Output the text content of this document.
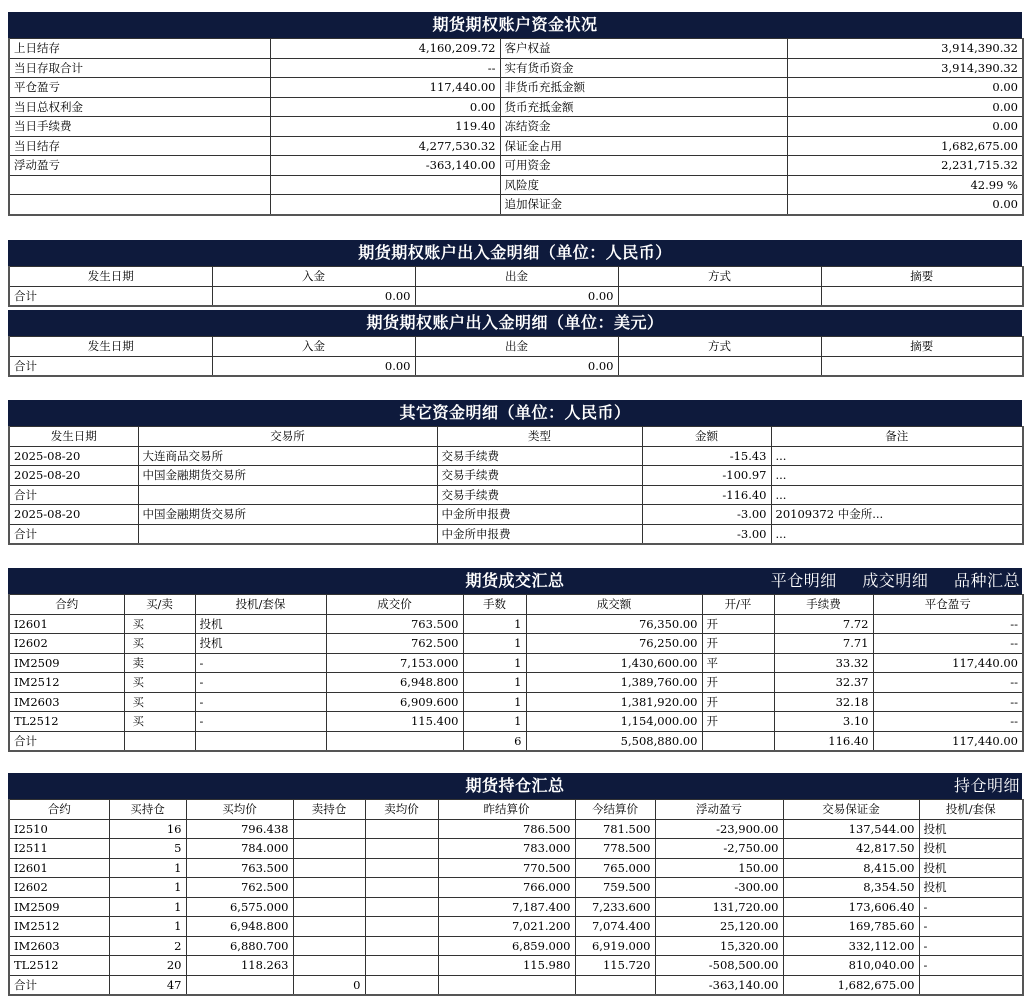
期货期权账户资金状况
上日结存	4,160,209.72	客户权益	3,914,390.32
当日存取合计	--	实有货币资金	3,914,390.32
平仓盈亏	117,440.00	非货币充抵金额	0.00
当日总权利金	0.00	货币充抵金额	0.00
当日手续费	119.40	冻结资金	0.00
当日结存	4,277,530.32	保证金占用	1,682,675.00
浮动盈亏	-363,140.00	可用资金	2,231,715.32
		风险度	42.99 %
		追加保证金	0.00
期货期权账户出入金明细（单位：人民币）
发生日期	入金	出金	方式	摘要
合计	0.00	0.00		
期货期权账户出入金明细（单位：美元）
发生日期	入金	出金	方式	摘要
合计	0.00	0.00		
其它资金明细（单位：人民币）
发生日期	交易所	类型	金额	备注
2025-08-20	大连商品交易所	交易手续费	-15.43	...
2025-08-20	中国金融期货交易所	交易手续费	-100.97	...
合计		交易手续费	-116.40	...
2025-08-20	中国金融期货交易所	中金所申报费	-3.00	20109372 中金所...
合计		中金所申报费	-3.00	...
期货成交汇总	平仓明细 成交明细 品种汇总
合约	买/卖	投机/套保	成交价	手数	成交额	开/平	手续费	平仓盈亏
I2601	买	投机	763.500	1	76,350.00	开	7.72	--
I2602	买	投机	762.500	1	76,250.00	开	7.71	--
IM2509	卖	-	7,153.000	1	1,430,600.00	平	33.32	117,440.00
IM2512	买	-	6,948.800	1	1,389,760.00	开	32.37	--
IM2603	买	-	6,909.600	1	1,381,920.00	开	32.18	--
TL2512	买	-	115.400	1	1,154,000.00	开	3.10	--
合计				6	5,508,880.00		116.40	117,440.00
期货持仓汇总	持仓明细
合约	买持仓	买均价	卖持仓	卖均价	昨结算价	今结算价	浮动盈亏	交易保证金	投机/套保
I2510	16	796.438			786.500	781.500	-23,900.00	137,544.00	投机
I2511	5	784.000			783.000	778.500	-2,750.00	42,817.50	投机
I2601	1	763.500			770.500	765.000	150.00	8,415.00	投机
I2602	1	762.500			766.000	759.500	-300.00	8,354.50	投机
IM2509	1	6,575.000			7,187.400	7,233.600	131,720.00	173,606.40	-
IM2512	1	6,948.800			7,021.200	7,074.400	25,120.00	169,785.60	-
IM2603	2	6,880.700			6,859.000	6,919.000	15,320.00	332,112.00	-
TL2512	20	118.263			115.980	115.720	-508,500.00	810,040.00	-
合计	47		0				-363,140.00	1,682,675.00	
